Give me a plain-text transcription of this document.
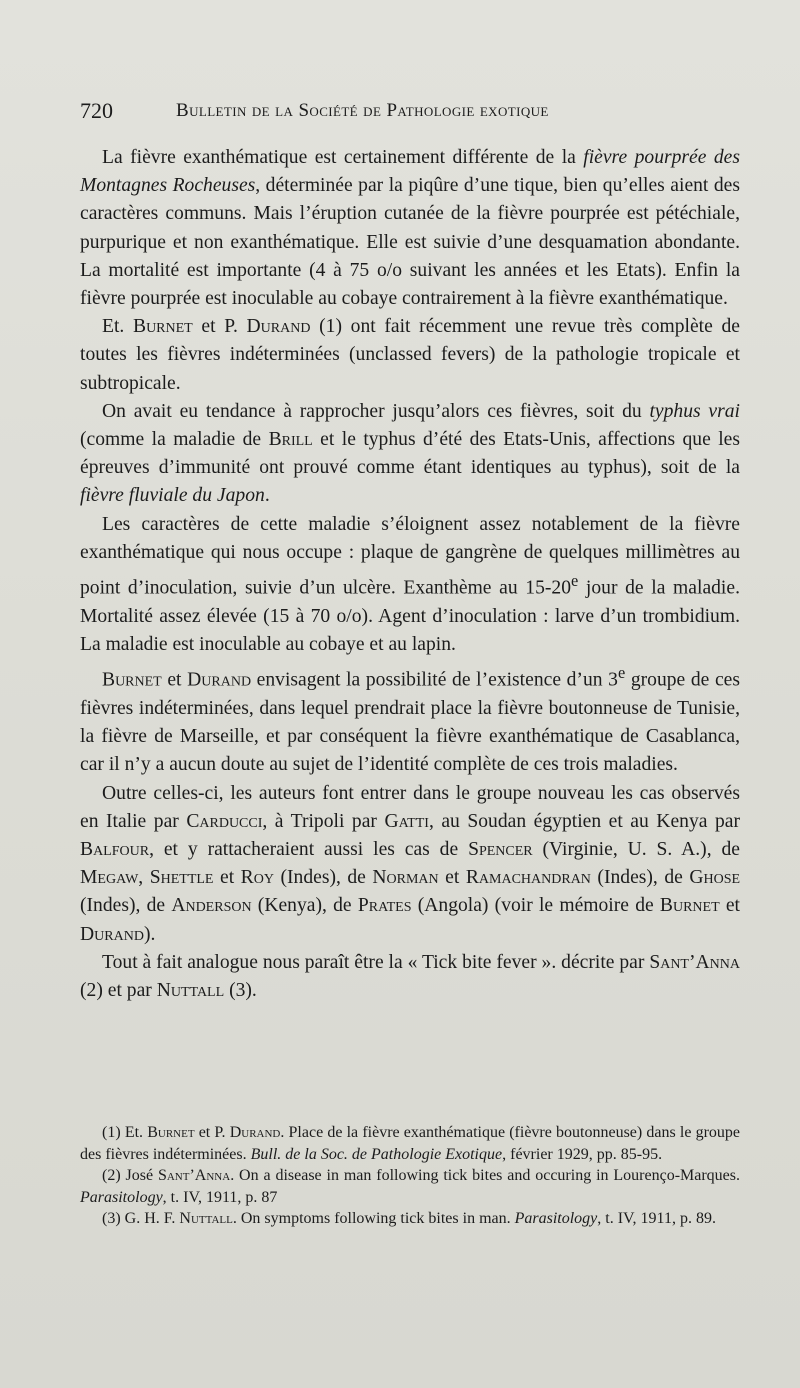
720	Bulletin de la Société de Pathologie exotique

La fièvre exanthématique est certainement différente de la fièvre pourprée des Montagnes Rocheuses, déterminée par la piqûre d’une tique, bien qu’elles aient des caractères communs. Mais l’éruption cutanée de la fièvre pourprée est pétéchiale, purpurique et non exanthématique. Elle est suivie d’une desquamation abondante. La mortalité est importante (4 à 75 o/o suivant les années et les Etats). Enfin la fièvre pourprée est inoculable au cobaye contrairement à la fièvre exanthématique.

Et. Burnet et P. Durand (1) ont fait récemment une revue très complète de toutes les fièvres indéterminées (unclassed fevers) de la pathologie tropicale et subtropicale.

On avait eu tendance à rapprocher jusqu’alors ces fièvres, soit du typhus vrai (comme la maladie de Brill et le typhus d’été des Etats-Unis, affections que les épreuves d’immunité ont prouvé comme étant identiques au typhus), soit de la fièvre fluviale du Japon.

Les caractères de cette maladie s’éloignent assez notablement de la fièvre exanthématique qui nous occupe : plaque de gangrène de quelques millimètres au point d’inoculation, suivie d’un ulcère. Exanthème au 15-20e jour de la maladie. Mortalité assez élevée (15 à 70 o/o). Agent d’inoculation : larve d’un trombidium. La maladie est inoculable au cobaye et au lapin.

Burnet et Durand envisagent la possibilité de l’existence d’un 3e groupe de ces fièvres indéterminées, dans lequel prendrait place la fièvre boutonneuse de Tunisie, la fièvre de Marseille, et par conséquent la fièvre exanthématique de Casablanca, car il n’y a aucun doute au sujet de l’identité complète de ces trois maladies.

Outre celles-ci, les auteurs font entrer dans le groupe nouveau les cas observés en Italie par Carducci, à Tripoli par Gatti, au Soudan égyptien et au Kenya par Balfour, et y rattacheraient aussi les cas de Spencer (Virginie, U. S. A.), de Megaw, Shettle et Roy (Indes), de Norman et Ramachandran (Indes), de Ghose (Indes), de Anderson (Kenya), de Prates (Angola) (voir le mémoire de Burnet et Durand).

Tout à fait analogue nous paraît être la « Tick bite fever ». décrite par Sant’Anna (2) et par Nuttall (3).

(1) Et. Burnet et P. Durand. Place de la fièvre exanthématique (fièvre boutonneuse) dans le groupe des fièvres indéterminées. Bull. de la Soc. de Pathologie Exotique, février 1929, pp. 85-95.

(2) José Sant’Anna. On a disease in man following tick bites and occuring in Lourenço-Marques. Parasitology, t. IV, 1911, p. 87

(3) G. H. F. Nuttall. On symptoms following tick bites in man. Parasitology, t. IV, 1911, p. 89.
